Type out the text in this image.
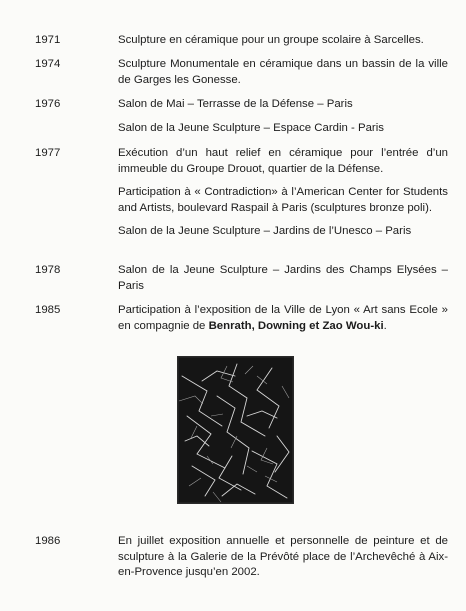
1971	Sculpture en céramique pour un groupe scolaire à Sarcelles.

1974	Sculpture Monumentale en céramique dans un bassin de la ville de Garges les Gonesse.

1976	Salon de Mai – Terrasse de la Défense – Paris

Salon de la Jeune Sculpture – Espace Cardin - Paris

1977	Exécution d’un haut relief en céramique pour l’entrée d’un immeuble du Groupe Drouot, quartier de la Défense.

Participation à « Contradiction» à l’American Center for Students and Artists, boulevard Raspail à Paris (sculptures bronze poli).

Salon de la Jeune Sculpture – Jardins de l’Unesco – Paris

1978	Salon de la Jeune Sculpture – Jardins des Champs Elysées – Paris

1985	Participation à l’exposition de la Ville de Lyon « Art sans Ecole » en compagnie de Benrath, Downing et Zao Wou-ki.

1986	En juillet exposition annuelle et personnelle de peinture et de sculpture à la Galerie de la Prévôté place de l’Archevêché à Aix-en-Provence jusqu’en 2002.
